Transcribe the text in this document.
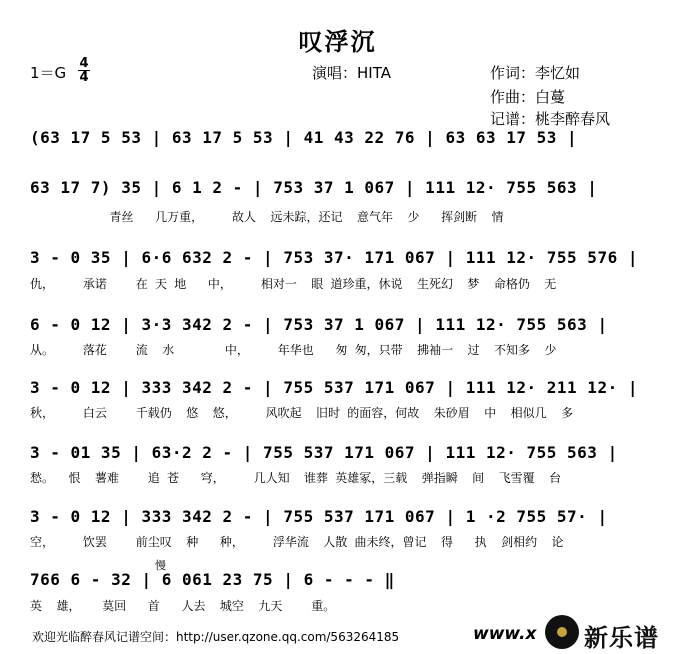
叹浮沉
1＝G
4
4	演唱：HITA	作词：李忆如
作曲：白蔓
记谱：桃李醉春风
(63 17 5 53 | 63 17 5 53 | 41 43 22 76 | 63 63 17 53 |
63 17 7) 35 | 6 1 2 - | 753 37 1 067 | 111 12· 755 563 |
青丝   几万重，    故人  远未踪，还记  意气年  少   挥剑断  情
3 - 0 35 | 6·6 632 2 - | 753 37· 171 067 | 111 12· 755 576 |
仇，    承诺    在 天 地   中，    相对一  眼 道珍重，休说  生死幻  梦  命格仍  无
6 - 0 12 | 3·3 342 2 - | 753 37 1 067 | 111 12· 755 563 |
从。    落花    流  水       中，    年华也   匆 匆，只带  拂袖一  过  不知多  少
3 - 0 12 | 333 342 2 - | 755 537 171 067 | 111 12· 211 12· |
秋，    白云    千载仍  悠  悠，    风吹起  旧时 的面容，何故  朱砂眉  中  相似几  多
3 - 01 35 | 63·2 2 - | 755 537 171 067 | 111 12· 755 563 |
愁。  恨  薯难    追 苍   穹，    几人知  谁葬 英雄冢，三载  弹指瞬  间  飞雪覆  台
3 - 0 12 | 333 342 2 - | 755 537 171 067 | 1 ·2 755 57· |
空，    饮罢    前尘叹  种   种，    浮华流  人散 曲未终，曾记  得   执  剑相约  论
慢
766 6 - 32 | 6 061 23 75 | 6 - - - ‖
英  雄，   莫回   首   人去  城空  九天    重。
欢迎光临醉春风记谱空间：http://user.qzone.qq.com/563264185	www.x 新乐谱
